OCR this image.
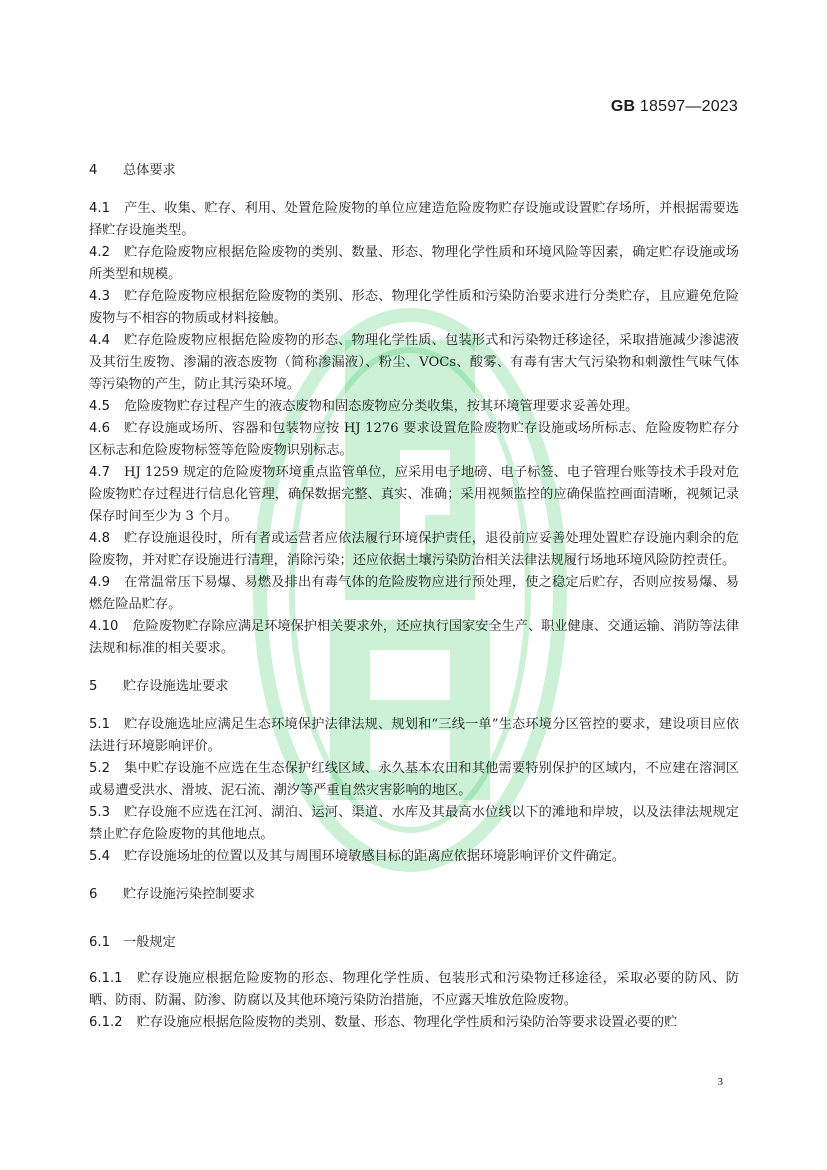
GB 18597—2023
4 总体要求

4.1 产生、收集、贮存、利用、处置危险废物的单位应建造危险废物贮存设施或设置贮存场所，并根据需要选择贮存设施类型。

4.2 贮存危险废物应根据危险废物的类别、数量、形态、物理化学性质和环境风险等因素，确定贮存设施或场所类型和规模。

4.3 贮存危险废物应根据危险废物的类别、形态、物理化学性质和污染防治要求进行分类贮存，且应避免危险废物与不相容的物质或材料接触。

4.4 贮存危险废物应根据危险废物的形态、物理化学性质、包装形式和污染物迁移途径，采取措施减少渗滤液及其衍生废物、渗漏的液态废物（简称渗漏液）、粉尘、VOCs、酸雾、有毒有害大气污染物和刺激性气味气体等污染物的产生，防止其污染环境。

4.5 危险废物贮存过程产生的液态废物和固态废物应分类收集，按其环境管理要求妥善处理。

4.6 贮存设施或场所、容器和包装物应按 HJ 1276 要求设置危险废物贮存设施或场所标志、危险废物贮存分区标志和危险废物标签等危险废物识别标志。

4.7 HJ 1259 规定的危险废物环境重点监管单位，应采用电子地磅、电子标签、电子管理台账等技术手段对危险废物贮存过程进行信息化管理，确保数据完整、真实、准确；采用视频监控的应确保监控画面清晰，视频记录保存时间至少为 3 个月。

4.8 贮存设施退役时，所有者或运营者应依法履行环境保护责任，退役前应妥善处理处置贮存设施内剩余的危险废物，并对贮存设施进行清理，消除污染；还应依据土壤污染防治相关法律法规履行场地环境风险防控责任。

4.9 在常温常压下易爆、易燃及排出有毒气体的危险废物应进行预处理，使之稳定后贮存，否则应按易爆、易燃危险品贮存。

4.10 危险废物贮存除应满足环境保护相关要求外，还应执行国家安全生产、职业健康、交通运输、消防等法律法规和标准的相关要求。

5 贮存设施选址要求

5.1 贮存设施选址应满足生态环境保护法律法规、规划和“三线一单”生态环境分区管控的要求，建设项目应依法进行环境影响评价。

5.2 集中贮存设施不应选在生态保护红线区域、永久基本农田和其他需要特别保护的区域内，不应建在溶洞区或易遭受洪水、滑坡、泥石流、潮汐等严重自然灾害影响的地区。

5.3 贮存设施不应选在江河、湖泊、运河、渠道、水库及其最高水位线以下的滩地和岸坡，以及法律法规规定禁止贮存危险废物的其他地点。

5.4 贮存设施场址的位置以及其与周围环境敏感目标的距离应依据环境影响评价文件确定。

6 贮存设施污染控制要求
6.1 一般规定

6.1.1 贮存设施应根据危险废物的形态、物理化学性质、包装形式和污染物迁移途径，采取必要的防风、防晒、防雨、防漏、防渗、防腐以及其他环境污染防治措施，不应露天堆放危险废物。

6.1.2 贮存设施应根据危险废物的类别、数量、形态、物理化学性质和污染防治等要求设置必要的贮

3
